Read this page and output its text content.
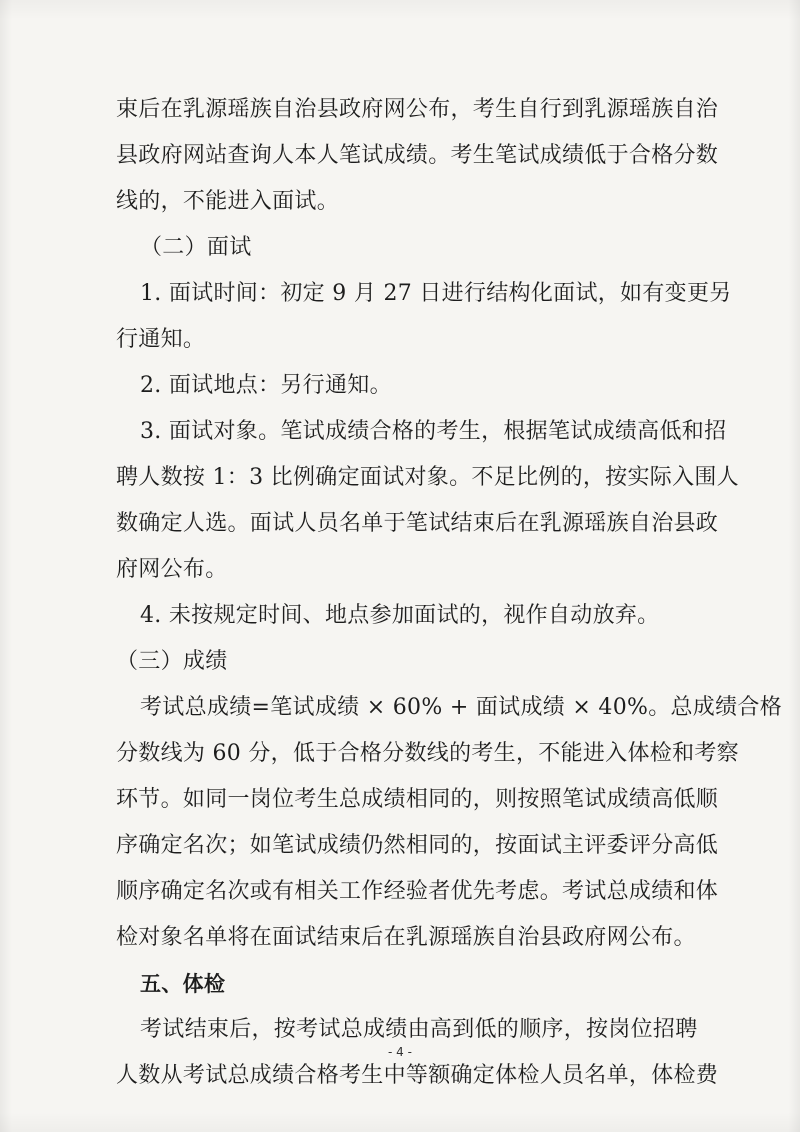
束后在乳源瑶族自治县政府网公布，考生自行到乳源瑶族自治
县政府网站查询人本人笔试成绩。考生笔试成绩低于合格分数
线的，不能进入面试。
（二）面试
1. 面试时间：初定 9 月 27 日进行结构化面试，如有变更另
行通知。
2. 面试地点：另行通知。
3. 面试对象。笔试成绩合格的考生，根据笔试成绩高低和招
聘人数按 1：3 比例确定面试对象。不足比例的，按实际入围人
数确定人选。面试人员名单于笔试结束后在乳源瑶族自治县政
府网公布。
4. 未按规定时间、地点参加面试的，视作自动放弃。
（三）成绩
考试总成绩=笔试成绩 × 60% + 面试成绩 × 40%。总成绩合格
分数线为 60 分，低于合格分数线的考生，不能进入体检和考察
环节。如同一岗位考生总成绩相同的，则按照笔试成绩高低顺
序确定名次；如笔试成绩仍然相同的，按面试主评委评分高低
顺序确定名次或有相关工作经验者优先考虑。考试总成绩和体
检对象名单将在面试结束后在乳源瑶族自治县政府网公布。
五、体检
考试结束后，按考试总成绩由高到低的顺序，按岗位招聘
人数从考试总成绩合格考生中等额确定体检人员名单，体检费
- 4 -
